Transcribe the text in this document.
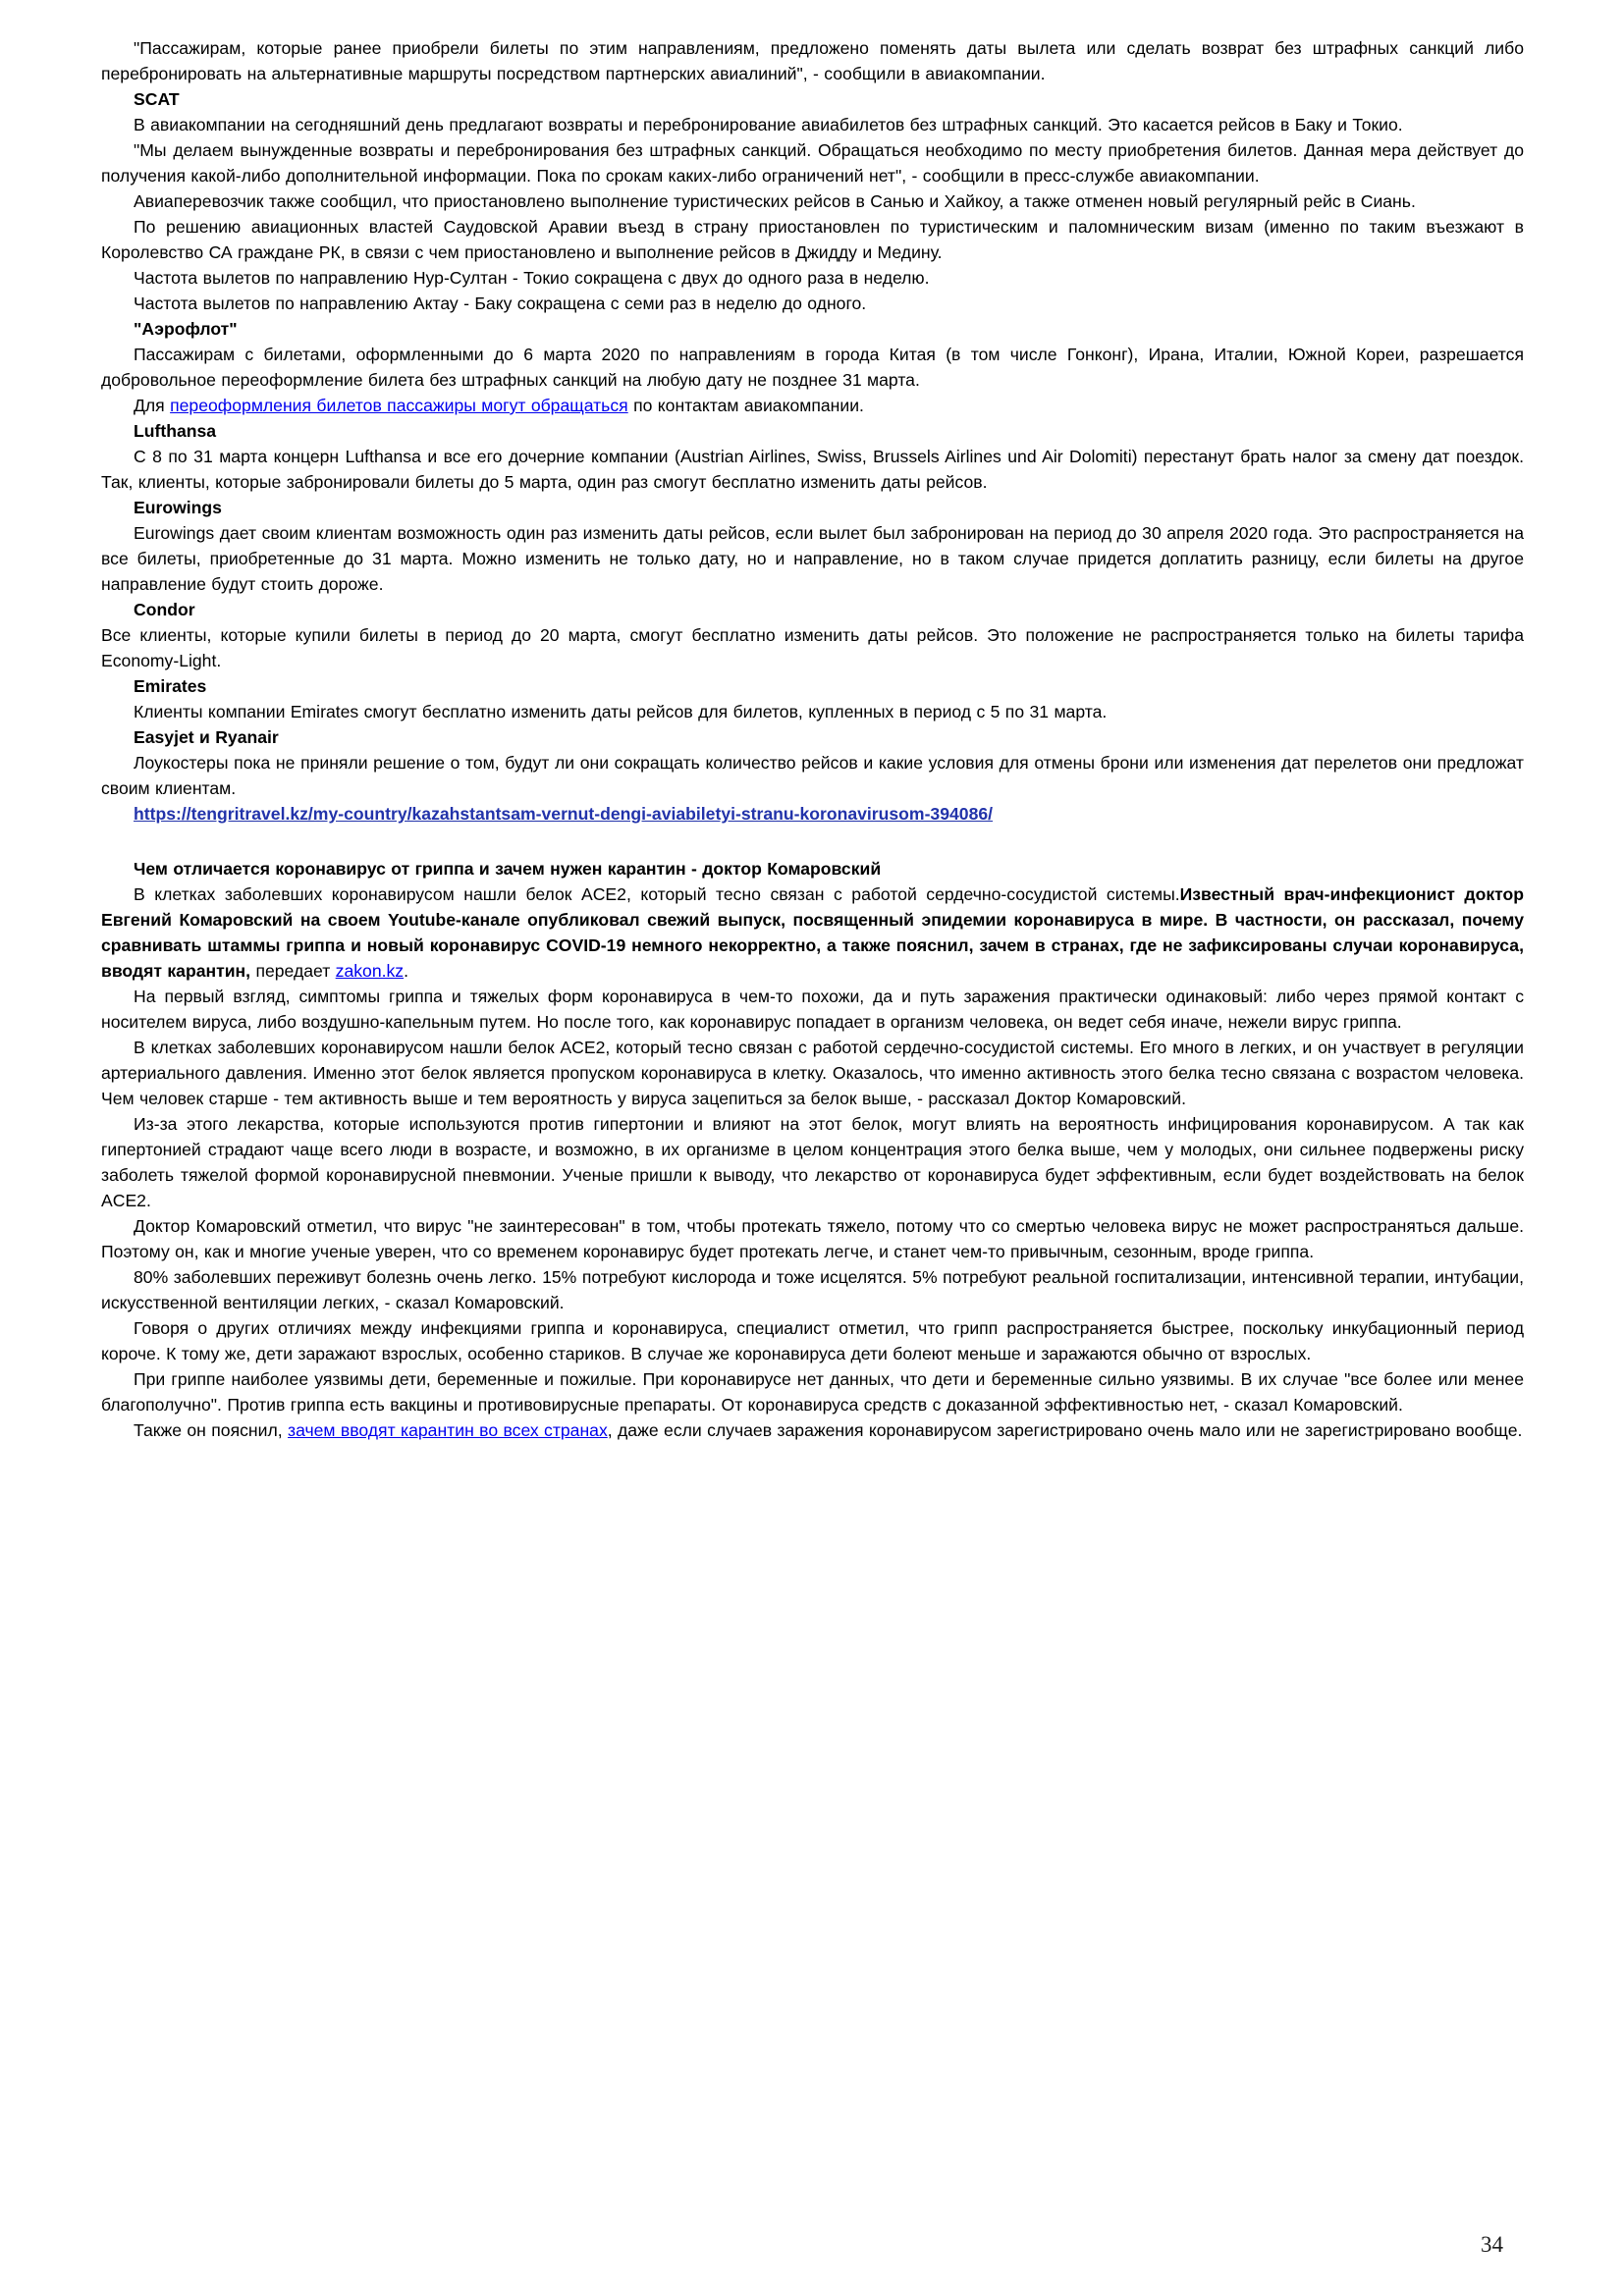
"Пассажирам, которые ранее приобрели билеты по этим направлениям, предложено поменять даты вылета или сделать возврат без штрафных санкций либо перебронировать на альтернативные маршруты посредством партнерских авиалиний", - сообщили в авиакомпании.

SCAT

В авиакомпании на сегодняшний день предлагают возвраты и перебронирование авиабилетов без штрафных санкций. Это касается рейсов в Баку и Токио.

"Мы делаем вынужденные возвраты и перебронирования без штрафных санкций. Обращаться необходимо по месту приобретения билетов. Данная мера действует до получения какой-либо дополнительной информации. Пока по срокам каких-либо ограничений нет", - сообщили в пресс-службе авиакомпании.

Авиаперевозчик также сообщил, что приостановлено выполнение туристических рейсов в Санью и Хайкоу, а также отменен новый регулярный рейс в Сиань.

По решению авиационных властей Саудовской Аравии въезд в страну приостановлен по туристическим и паломническим визам (именно по таким въезжают в Королевство СА граждане РК, в связи с чем приостановлено и выполнение рейсов в Джидду и Медину.

Частота вылетов по направлению Нур-Султан - Токио сокращена с двух до одного раза в неделю.

Частота вылетов по направлению Актау - Баку сокращена с семи раз в неделю до одного.

"Аэрофлот"

Пассажирам с билетами, оформленными до 6 марта 2020 по направлениям в города Китая (в том числе Гонконг), Ирана, Италии, Южной Кореи, разрешается добровольное переоформление билета без штрафных санкций на любую дату не позднее 31 марта.

Для переоформления билетов пассажиры могут обращаться по контактам авиакомпании.

Lufthansa

С 8 по 31 марта концерн Lufthansa и все его дочерние компании (Austrian Airlines, Swiss, Brussels Airlines und Air Dolomiti) перестанут брать налог за смену дат поездок. Так, клиенты, которые забронировали билеты до 5 марта, один раз смогут бесплатно изменить даты рейсов.

Eurowings

Eurowings дает своим клиентам возможность один раз изменить даты рейсов, если вылет был забронирован на период до 30 апреля 2020 года. Это распространяется на все билеты, приобретенные до 31 марта. Можно изменить не только дату, но и направление, но в таком случае придется доплатить разницу, если билеты на другое направление будут стоить дороже.

Condor

Все клиенты, которые купили билеты в период до 20 марта, смогут бесплатно изменить даты рейсов. Это положение не распространяется только на билеты тарифа Economy-Light.

Emirates

Клиенты компании Emirates смогут бесплатно изменить даты рейсов для билетов, купленных в период с 5 по 31 марта.

Easyjet и Ryanair

Лоукостеры пока не приняли решение о том, будут ли они сокращать количество рейсов и какие условия для отмены брони или изменения дат перелетов они предложат своим клиентам.

https://tengritravel.kz/my-country/kazahstantsam-vernut-dengi-aviabiletyi-stranu-koronavirusom-394086/

Чем отличается коронавирус от гриппа и зачем нужен карантин - доктор Комаровский

В клетках заболевших коронавирусом нашли белок ACE2, который тесно связан с работой сердечно-сосудистой системы.Известный врач-инфекционист доктор Евгений Комаровский на своем Youtube-канале опубликовал свежий выпуск, посвященный эпидемии коронавируса в мире. В частности, он рассказал, почему сравнивать штаммы гриппа и новый коронавирус COVID-19 немного некорректно, а также пояснил, зачем в странах, где не зафиксированы случаи коронавируса, вводят карантин, передает zakon.kz.

На первый взгляд, симптомы гриппа и тяжелых форм коронавируса в чем-то похожи, да и путь заражения практически одинаковый: либо через прямой контакт с носителем вируса, либо воздушно-капельным путем. Но после того, как коронавирус попадает в организм человека, он ведет себя иначе, нежели вирус гриппа.

В клетках заболевших коронавирусом нашли белок ACE2, который тесно связан с работой сердечно-сосудистой системы. Его много в легких, и он участвует в регуляции артериального давления. Именно этот белок является пропуском коронавируса в клетку. Оказалось, что именно активность этого белка тесно связана с возрастом человека. Чем человек старше - тем активность выше и тем вероятность у вируса зацепиться за белок выше, - рассказал Доктор Комаровский.

Из-за этого лекарства, которые используются против гипертонии и влияют на этот белок, могут влиять на вероятность инфицирования коронавирусом. А так как гипертонией страдают чаще всего люди в возрасте, и возможно, в их организме в целом концентрация этого белка выше, чем у молодых, они сильнее подвержены риску заболеть тяжелой формой коронавирусной пневмонии. Ученые пришли к выводу, что лекарство от коронавируса будет эффективным, если будет воздействовать на белок ACE2.

Доктор Комаровский отметил, что вирус "не заинтересован" в том, чтобы протекать тяжело, потому что со смертью человека вирус не может распространяться дальше. Поэтому он, как и многие ученые уверен, что со временем коронавирус будет протекать легче, и станет чем-то привычным, сезонным, вроде гриппа.

80% заболевших переживут болезнь очень легко. 15% потребуют кислорода и тоже исцелятся. 5% потребуют реальной госпитализации, интенсивной терапии, интубации, искусственной вентиляции легких, - сказал Комаровский.

Говоря о других отличиях между инфекциями гриппа и коронавируса, специалист отметил, что грипп распространяется быстрее, поскольку инкубационный период короче. К тому же, дети заражают взрослых, особенно стариков. В случае же коронавируса дети болеют меньше и заражаются обычно от взрослых.

При гриппе наиболее уязвимы дети, беременные и пожилые. При коронавирусе нет данных, что дети и беременные сильно уязвимы. В их случае "все более или менее благополучно". Против гриппа есть вакцины и противовирусные препараты. От коронавируса средств с доказанной эффективностью нет, - сказал Комаровский.

Также он пояснил, зачем вводят карантин во всех странах, даже если случаев заражения коронавирусом зарегистрировано очень мало или не зарегистрировано вообще.

34
